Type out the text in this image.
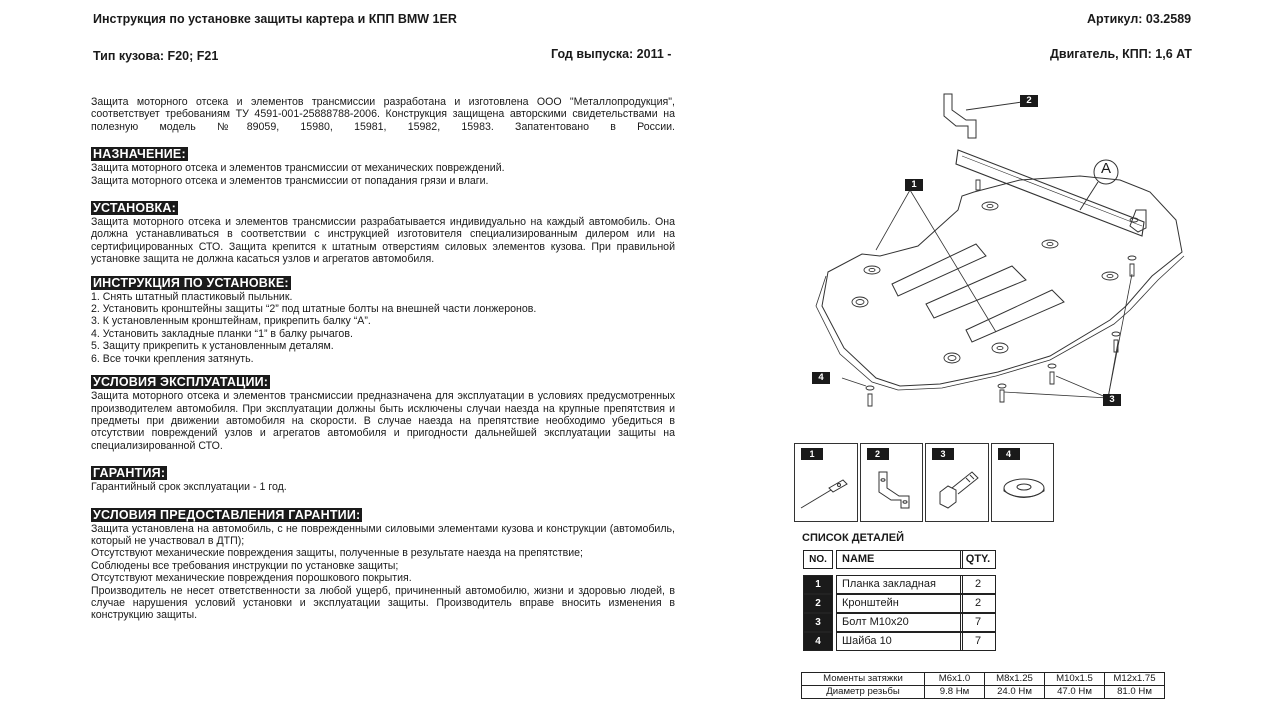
Инструкция по установке защиты картера и КПП BMW 1ER	Артикул: 03.2589
Тип кузова: F20; F21	Год выпуска: 2011 -	Двигатель, КПП: 1,6 AT

Защита моторного отсека и элементов трансмиссии разработана и изготовлена ООО "Металлопродукция", соответствует требованиям ТУ 4591-001-25888788-2006. Конструкция защищена авторскими свидетельствами на полезную модель №89059, 15980, 15981, 15982, 15983. Запатентовано в России.

НАЗНАЧЕНИЕ:

Защита моторного отсека и элементов трансмиссии от механических повреждений.

Защита моторного отсека и элементов трансмиссии от попадания грязи и влаги.

УСТАНОВКА:

Защита моторного отсека и элементов трансмиссии разрабатывается индивидуально на каждый автомобиль. Она должна устанавливаться в соответствии с инструкцией изготовителя специализированным дилером или на сертифицированных СТО. Защита крепится к штатным отверстиям силовых элементов кузова. При правильной установке защита не должна касаться узлов и агрегатов автомобиля.

ИНСТРУКЦИЯ ПО УСТАНОВКЕ:

1. Снять штатный пластиковый пыльник.

2. Установить кронштейны защиты “2” под штатные болты на внешней части лонжеронов.

3. К установленным кронштейнам, прикрепить балку “А”.

4. Установить закладные планки “1” в балку рычагов.

5. Защиту прикрепить к установленным деталям.

6. Все точки крепления затянуть.

УСЛОВИЯ ЭКСПЛУАТАЦИИ:

Защита моторного отсека и элементов трансмиссии предназначена для эксплуатации в условиях предусмотренных производителем автомобиля. При эксплуатации должны быть исключены случаи наезда на крупные препятствия и предметы при движении автомобиля на скорости. В случае наезда на препятствие необходимо убедиться в отсутствии повреждений узлов и агрегатов автомобиля и пригодности дальнейшей эксплуатации защиты на специализированной СТО.

ГАРАНТИЯ:

Гарантийный срок эксплуатации - 1 год.

УСЛОВИЯ ПРЕДОСТАВЛЕНИЯ ГАРАНТИИ:

Защита установлена на автомобиль, с не поврежденными силовыми элементами кузова и конструкции (автомобиль, который не участвовал в ДТП);

Отсутствуют механические повреждения защиты, полученные в результате наезда на препятствие;

Соблюдены все требования инструкции по установке защиты;

Отсутствуют механические повреждения порошкового покрытия.

Производитель не несет ответственности за любой ущерб, причиненный автомобилю, жизни и здоровью людей, в случае нарушения условий установки и эксплуатации защиты. Производитель вправе вносить изменения в конструкцию защиты.

2
1
A
4
3
1	2	3	4
СПИСОК ДЕТАЛЕЙ
NO.	NAME	QTY.
1	Планка закладная	2
2	Кронштейн	2
3	Болт М10х20	7
4	Шайба 10	7
Моменты затяжки	M6x1.0	M8x1.25	M10x1.5	M12x1.75
Диаметр резьбы	9.8 Нм	24.0 Нм	47.0 Нм	81.0 Нм
